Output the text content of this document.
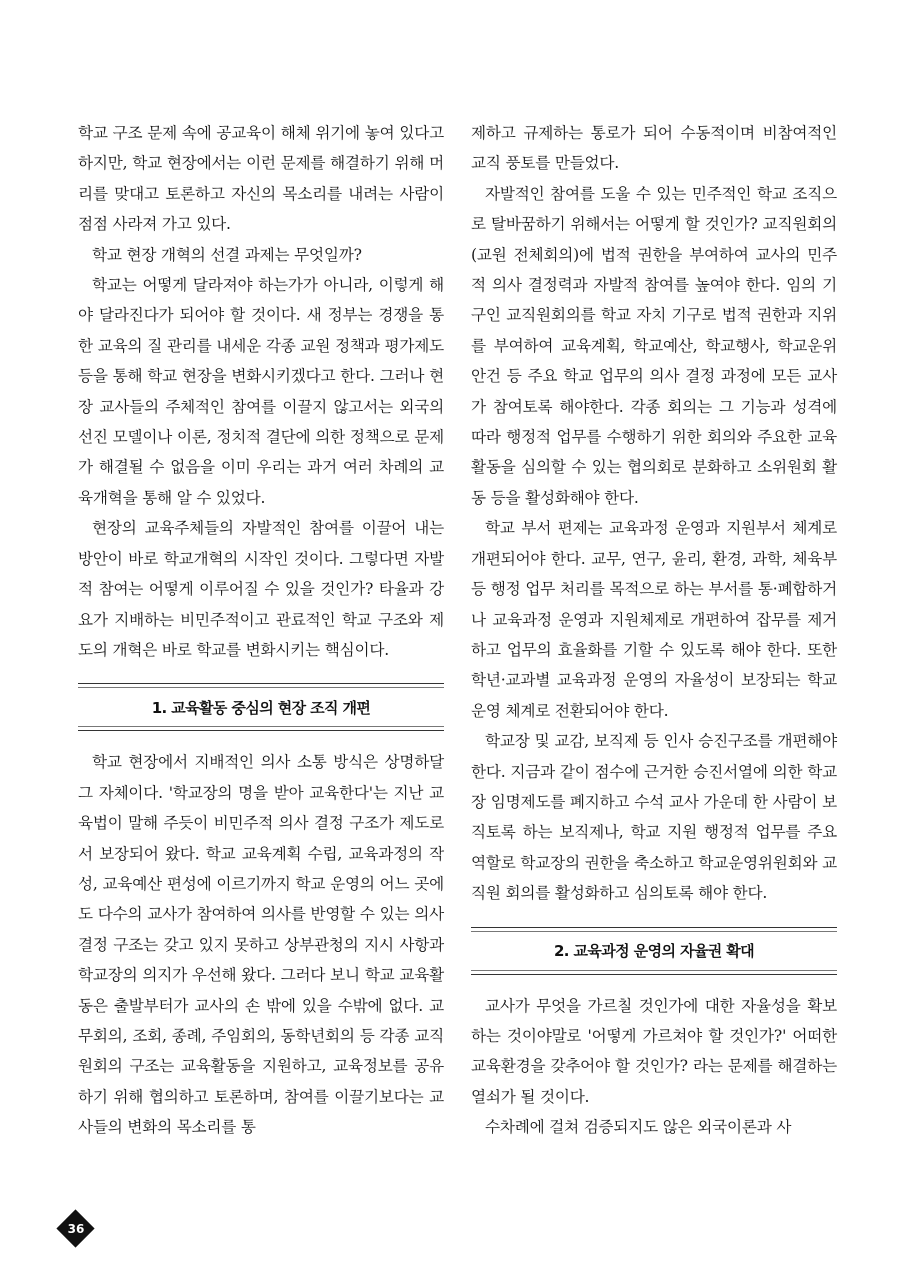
학교 구조 문제 속에 공교육이 해체 위기에 놓여 있다고 하지만, 학교 현장에서는 이런 문제를 해결하기 위해 머리를 맞대고 토론하고 자신의 목소리를 내려는 사람이 점점 사라져 가고 있다.

학교 현장 개혁의 선결 과제는 무엇일까?

학교는 어떻게 달라져야 하는가가 아니라, 이렇게 해야 달라진다가 되어야 할 것이다. 새 정부는 경쟁을 통한 교육의 질 관리를 내세운 각종 교원 정책과 평가제도 등을 통해 학교 현장을 변화시키겠다고 한다. 그러나 현장 교사들의 주체적인 참여를 이끌지 않고서는 외국의 선진 모델이나 이론, 정치적 결단에 의한 정책으로 문제가 해결될 수 없음을 이미 우리는 과거 여러 차례의 교육개혁을 통해 알 수 있었다.

현장의 교육주체들의 자발적인 참여를 이끌어 내는 방안이 바로 학교개혁의 시작인 것이다. 그렇다면 자발적 참여는 어떻게 이루어질 수 있을 것인가? 타율과 강요가 지배하는 비민주적이고 관료적인 학교 구조와 제도의 개혁은 바로 학교를 변화시키는 핵심이다.

1. 교육활동 중심의 현장 조직 개편

학교 현장에서 지배적인 의사 소통 방식은 상명하달 그 자체이다. '학교장의 명을 받아 교육한다'는 지난 교육법이 말해 주듯이 비민주적 의사 결정 구조가 제도로서 보장되어 왔다. 학교 교육계획 수립, 교육과정의 작성, 교육예산 편성에 이르기까지 학교 운영의 어느 곳에도 다수의 교사가 참여하여 의사를 반영할 수 있는 의사 결정 구조는 갖고 있지 못하고 상부관청의 지시 사항과 학교장의 의지가 우선해 왔다. 그러다 보니 학교 교육활동은 출발부터가 교사의 손 밖에 있을 수밖에 없다. 교무회의, 조회, 종례, 주임회의, 동학년회의 등 각종 교직원회의 구조는 교육활동을 지원하고, 교육정보를 공유하기 위해 협의하고 토론하며, 참여를 이끌기보다는 교사들의 변화의 목소리를 통

제하고 규제하는 통로가 되어 수동적이며 비참여적인 교직 풍토를 만들었다.

자발적인 참여를 도울 수 있는 민주적인 학교 조직으로 탈바꿈하기 위해서는 어떻게 할 것인가? 교직원회의(교원 전체회의)에 법적 권한을 부여하여 교사의 민주적 의사 결정력과 자발적 참여를 높여야 한다. 임의 기구인 교직원회의를 학교 자치 기구로 법적 권한과 지위를 부여하여 교육계획, 학교예산, 학교행사, 학교운위 안건 등 주요 학교 업무의 의사 결정 과정에 모든 교사가 참여토록 해야한다. 각종 회의는 그 기능과 성격에 따라 행정적 업무를 수행하기 위한 회의와 주요한 교육활동을 심의할 수 있는 협의회로 분화하고 소위원회 활동 등을 활성화해야 한다.

학교 부서 편제는 교육과정 운영과 지원부서 체계로 개편되어야 한다. 교무, 연구, 윤리, 환경, 과학, 체육부 등 행정 업무 처리를 목적으로 하는 부서를 통·폐합하거나 교육과정 운영과 지원체제로 개편하여 잡무를 제거하고 업무의 효율화를 기할 수 있도록 해야 한다. 또한 학년·교과별 교육과정 운영의 자율성이 보장되는 학교 운영 체계로 전환되어야 한다.

학교장 및 교감, 보직제 등 인사 승진구조를 개편해야 한다. 지금과 같이 점수에 근거한 승진서열에 의한 학교장 임명제도를 폐지하고 수석 교사 가운데 한 사람이 보직토록 하는 보직제나, 학교 지원 행정적 업무를 주요 역할로 학교장의 권한을 축소하고 학교운영위원회와 교직원 회의를 활성화하고 심의토록 해야 한다.

2. 교육과정 운영의 자율권 확대

교사가 무엇을 가르칠 것인가에 대한 자율성을 확보하는 것이야말로 '어떻게 가르쳐야 할 것인가?' 어떠한 교육환경을 갖추어야 할 것인가? 라는 문제를 해결하는 열쇠가 될 것이다.

수차례에 걸쳐 검증되지도 않은 외국이론과 사

36
